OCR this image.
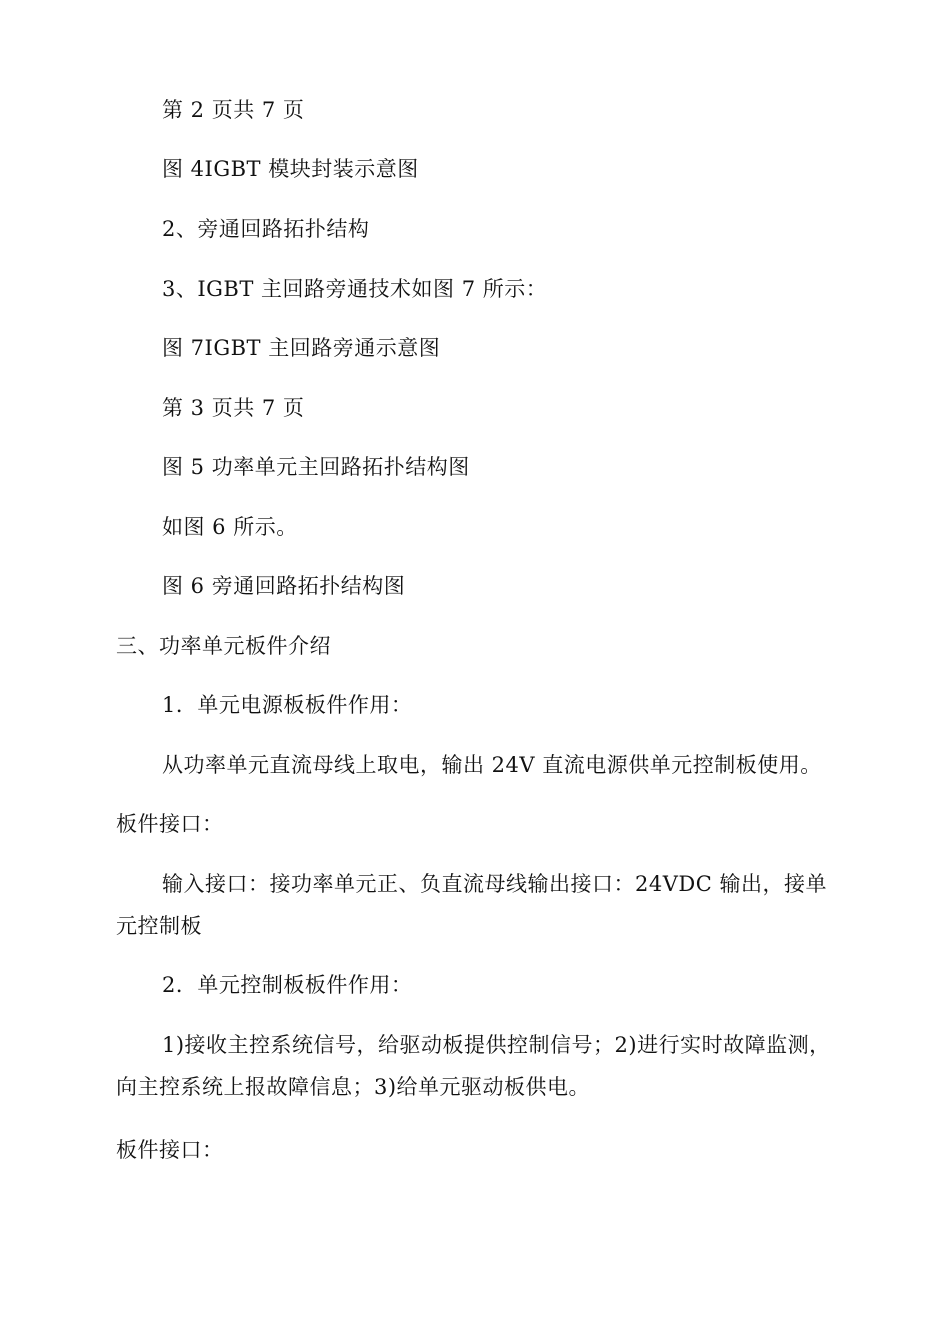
第 2 页共 7 页
图 4IGBT 模块封装示意图
2、旁通回路拓扑结构
3、IGBT 主回路旁通技术如图 7 所示：
图 7IGBT 主回路旁通示意图
第 3 页共 7 页
图 5 功率单元主回路拓扑结构图
如图 6 所示。
图 6 旁通回路拓扑结构图
三、功率单元板件介绍
1．单元电源板板件作用：
从功率单元直流母线上取电，输出 24V 直流电源供单元控制板使用。
板件接口：
输入接口：接功率单元正、负直流母线输出接口：24VDC 输出，接单
元控制板
2．单元控制板板件作用：
1)接收主控系统信号，给驱动板提供控制信号；2)进行实时故障监测，
向主控系统上报故障信息；3)给单元驱动板供电。
板件接口：
